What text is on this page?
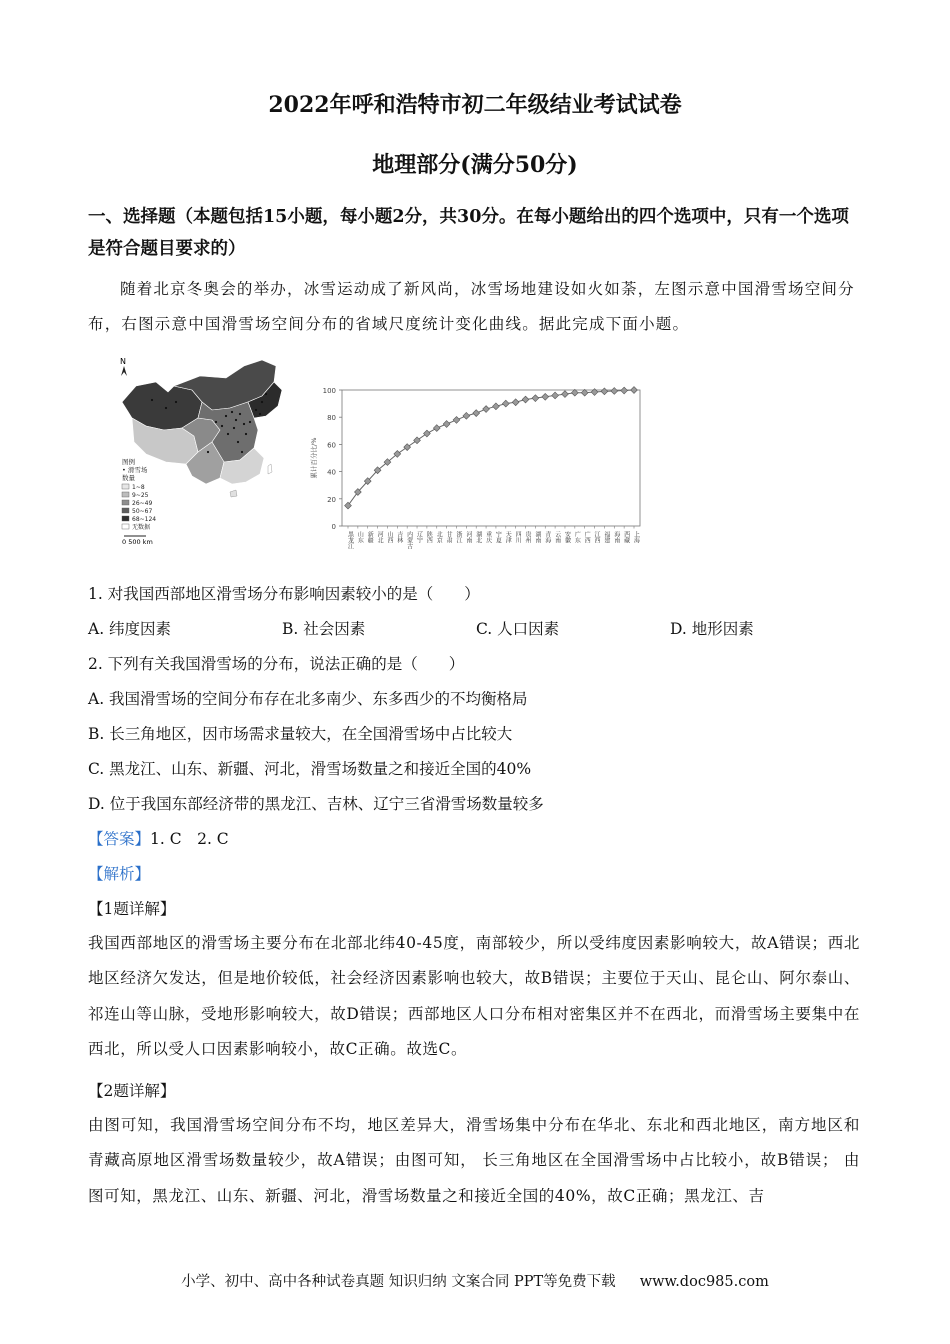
2022年呼和浩特市初二年级结业考试试卷
地理部分(满分50分)
一、选择题（本题包括15小题，每小题2分，共30分。在每小题给出的四个选项中，只有一个选项是符合题目要求的）
随着北京冬奥会的举办，冰雪运动成了新风尚，冰雪场地建设如火如荼，左图示意中国滑雪场空间分布，右图示意中国滑雪场空间分布的省域尺度统计变化曲线。据此完成下面小题。
N
图例
• 滑雪场
数量
1~8
9~25
26~49
50~67
68~124
无数据
0 500 km
0
20
40
60
80
100
累计百分比/%
黑龙江 山东 新疆 河北 山西 吉林 内蒙古 辽宁 陕西 北京 甘肃 浙江 河南 湖北 重庆 宁夏 天津 四川 贵州 湖南 青海 云南 安徽 广东 广西 江西 福建 海南 西藏 上海
1. 对我国西部地区滑雪场分布影响因素较小的是（　　）
A. 纬度因素	B. 社会因素	C. 人口因素	D. 地形因素
2. 下列有关我国滑雪场的分布，说法正确的是（　　）
A. 我国滑雪场的空间分布存在北多南少、东多西少的不均衡格局
B. 长三角地区，因市场需求量较大，在全国滑雪场中占比较大
C. 黑龙江、山东、新疆、河北，滑雪场数量之和接近全国的40%
D. 位于我国东部经济带的黑龙江、吉林、辽宁三省滑雪场数量较多
【答案】1. C　2. C
【解析】
【1题详解】
我国西部地区的滑雪场主要分布在北部北纬40-45度，南部较少，所以受纬度因素影响较大，故A错误；西北地区经济欠发达，但是地价较低，社会经济因素影响也较大，故B错误；主要位于天山、昆仑山、阿尔泰山、祁连山等山脉，受地形影响较大，故D错误；西部地区人口分布相对密集区并不在西北，而滑雪场主要集中在西北，所以受人口因素影响较小，故C正确。故选C。
【2题详解】
由图可知，我国滑雪场空间分布不均，地区差异大，滑雪场集中分布在华北、东北和西北地区，南方地区和青藏高原地区滑雪场数量较少，故A错误；由图可知， 长三角地区在全国滑雪场中占比较小，故B错误； 由图可知，黑龙江、山东、新疆、河北，滑雪场数量之和接近全国的40%，故C正确；黑龙江、吉
小学、初中、高中各种试卷真题 知识归纳 文案合同 PPT等免费下载 www.doc985.com
